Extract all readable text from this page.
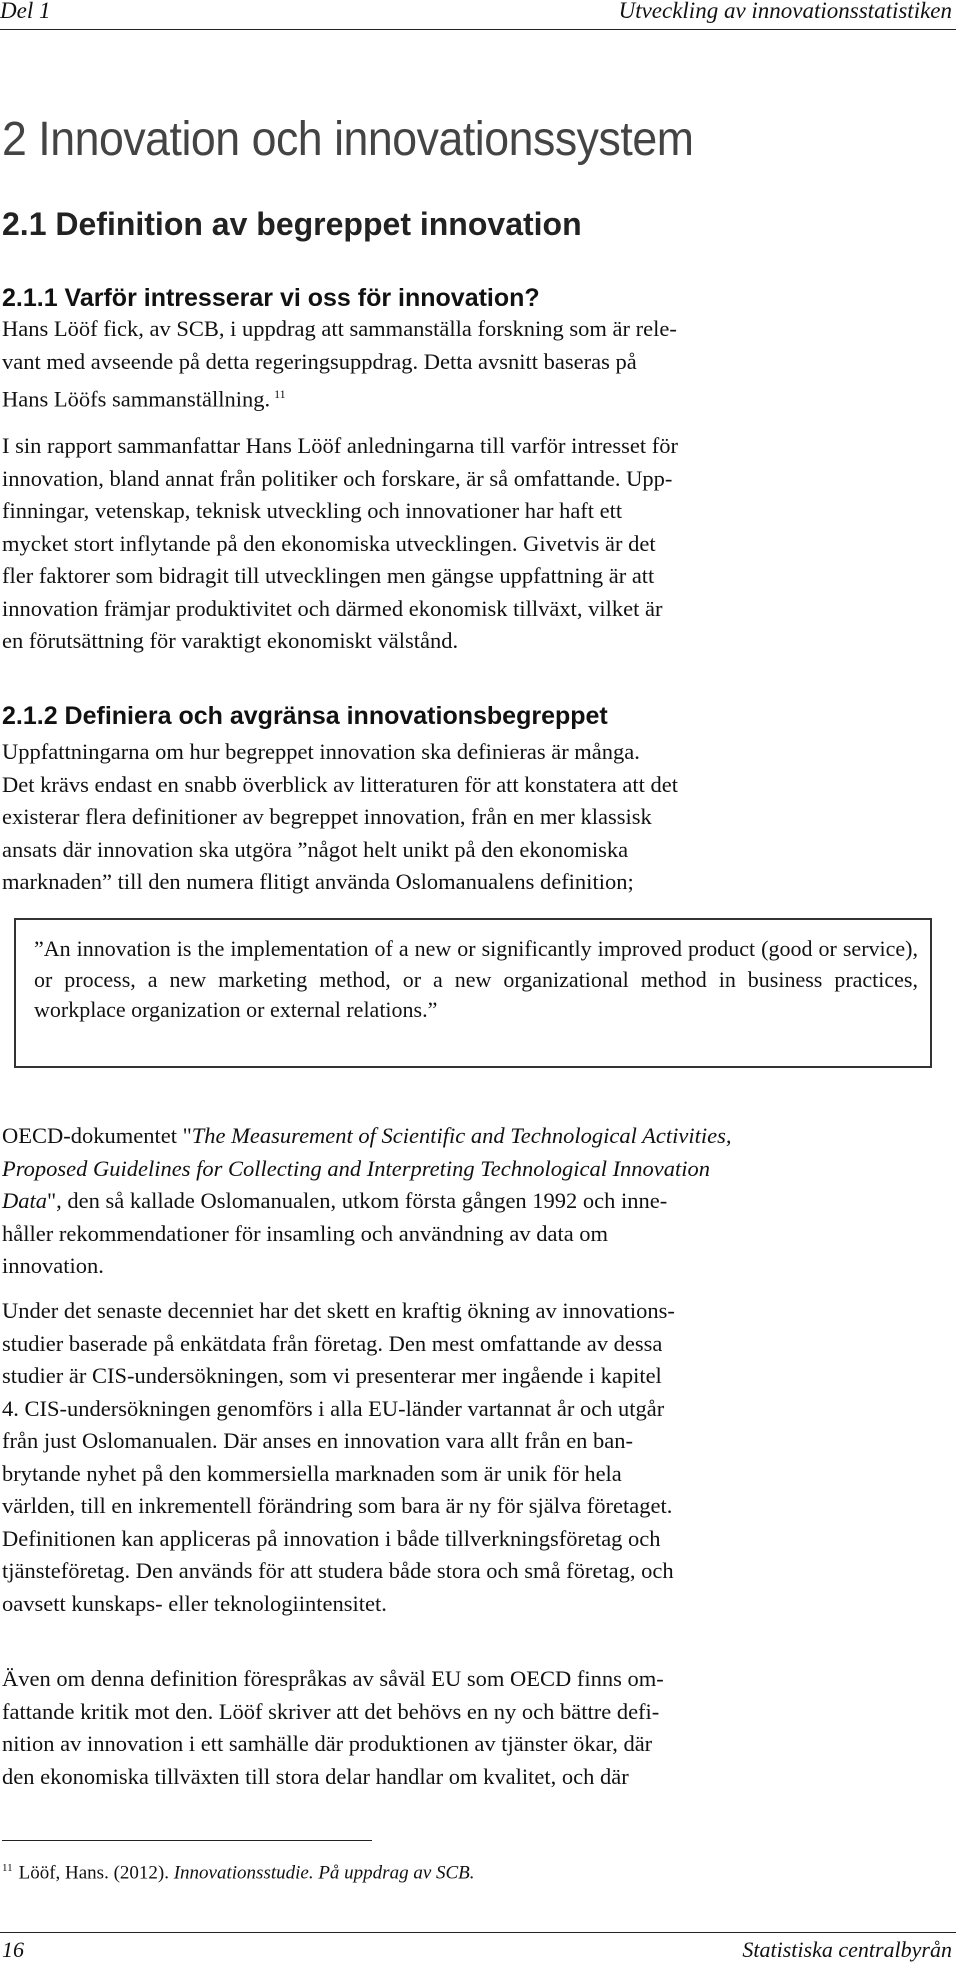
Del 1	Utveckling av innovationsstatistiken
2 Innovation och innovationssystem
2.1 Definition av begreppet innovation
2.1.1 Varför intresserar vi oss för innovation?

Hans Lööf fick, av SCB, i uppdrag att sammanställa forskning som är rele-

vant med avseende på detta regeringsuppdrag. Detta avsnitt baseras på

Hans Lööfs sammanställning. $^{11}$

I sin rapport sammanfattar Hans Lööf anledningarna till varför intresset för

innovation, bland annat från politiker och forskare, är så omfattande. Upp-

finningar, vetenskap, teknisk utveckling och innovationer har haft ett

mycket stort inflytande på den ekonomiska utvecklingen. Givetvis är det

fler faktorer som bidragit till utvecklingen men gängse uppfattning är att

innovation främjar produktivitet och därmed ekonomisk tillväxt, vilket är

en förutsättning för varaktigt ekonomiskt välstånd.

2.1.2 Definiera och avgränsa innovationsbegreppet

Uppfattningarna om hur begreppet innovation ska definieras är många.

Det krävs endast en snabb överblick av litteraturen för att konstatera att det

existerar flera definitioner av begreppet innovation, från en mer klassisk

ansats där innovation ska utgöra ”något helt unikt på den ekonomiska

marknaden” till den numera flitigt använda Oslomanualens definition;

”An innovation is the implementation of a new or significantly improved product (good or service), or process, a new marketing method, or a new organizational method in business practices, workplace organization or external relations.”

OECD-dokumentet "The Measurement of Scientific and Technological Activities,

Proposed Guidelines for Collecting and Interpreting Technological Innovation

Data", den så kallade Oslomanualen, utkom första gången 1992 och inne-

håller rekommendationer för insamling och användning av data om

innovation.

Under det senaste decenniet har det skett en kraftig ökning av innovations-

studier baserade på enkätdata från företag. Den mest omfattande av dessa

studier är CIS-undersökningen, som vi presenterar mer ingående i kapitel

4. CIS-undersökningen genomförs i alla EU-länder vartannat år och utgår

från just Oslomanualen. Där anses en innovation vara allt från en ban-

brytande nyhet på den kommersiella marknaden som är unik för hela

världen, till en inkrementell förändring som bara är ny för själva företaget.

Definitionen kan appliceras på innovation i både tillverkningsföretag och

tjänsteföretag. Den används för att studera både stora och små företag, och

oavsett kunskaps- eller teknologiintensitet.

Även om denna definition förespråkas av såväl EU som OECD finns om-

fattande kritik mot den. Lööf skriver att det behövs en ny och bättre defi-

nition av innovation i ett samhälle där produktionen av tjänster ökar, där

den ekonomiska tillväxten till stora delar handlar om kvalitet, och där

$^{11}$ Lööf, Hans. (2012). Innovationsstudie. På uppdrag av SCB.
16	Statistiska centralbyrån
